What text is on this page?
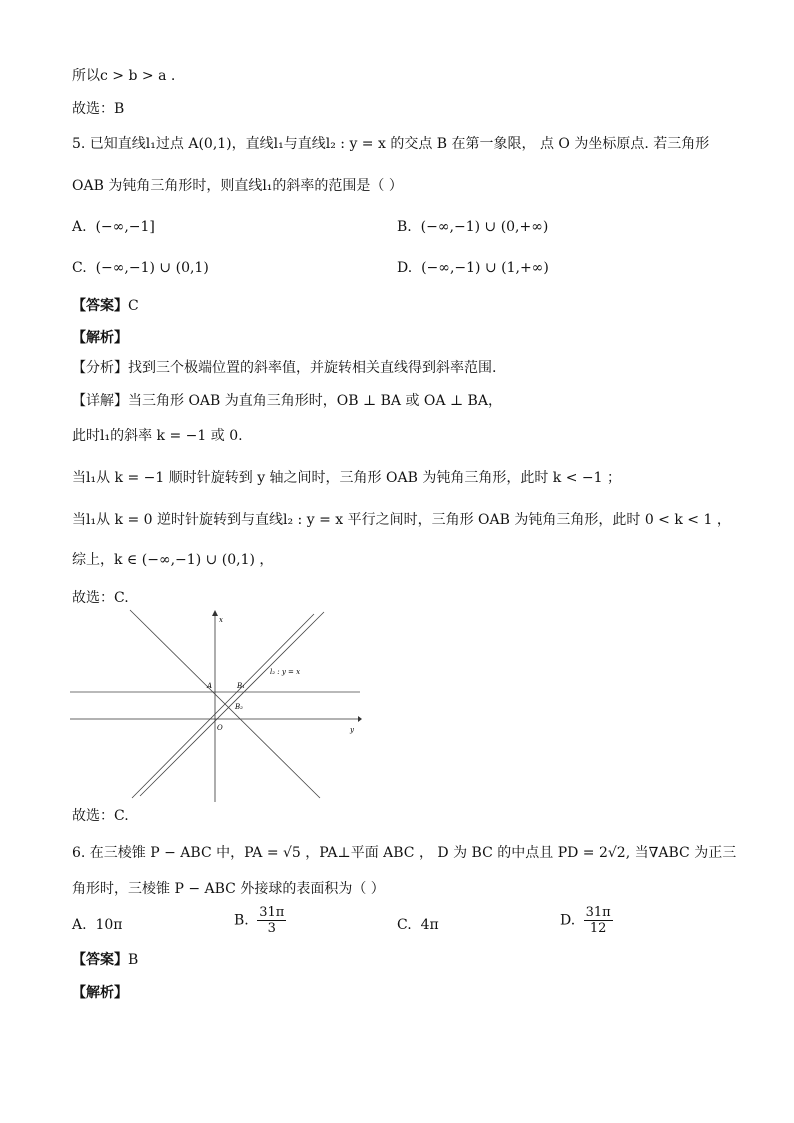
所以c > b > a .
故选：B
5. 已知直线l₁过点 A(0,1)，直线l₁与直线l₂ : y = x 的交点 B 在第一象限， 点 O 为坐标原点. 若三角形
OAB 为钝角三角形时，则直线l₁的斜率的范围是（ ）
A. (−∞,−1]	B. (−∞,−1) ∪ (0,+∞)
C. (−∞,−1) ∪ (0,1)	D. (−∞,−1) ∪ (1,+∞)
【答案】C
【解析】
【分析】找到三个极端位置的斜率值，并旋转相关直线得到斜率范围.
【详解】当三角形 OAB 为直角三角形时，OB ⊥ BA 或 OA ⊥ BA，
此时l₁的斜率 k = −1 或 0.
当l₁从 k = −1 顺时针旋转到 y 轴之间时，三角形 OAB 为钝角三角形，此时 k < −1 ；
当l₁从 k = 0 逆时针旋转到与直线l₂ : y = x 平行之间时，三角形 OAB 为钝角三角形，此时 0 < k < 1 ，
综上，k ∈ (−∞,−1) ∪ (0,1) ，
故选：C.
x
y
A	B₁
B₂
O
l₂ : y = x
故选：C.
6. 在三棱锥 P − ABC 中，PA = √5 ，PA⊥平面 ABC ， D 为 BC 的中点且 PD = 2√2, 当∇ABC 为正三
角形时，三棱锥 P − ABC 外接球的表面积为（ ）
A. 10π	B. $\frac{31\pi}{3}$	C. 4π	D. $\frac{31\pi}{12}$
【答案】B
【解析】
